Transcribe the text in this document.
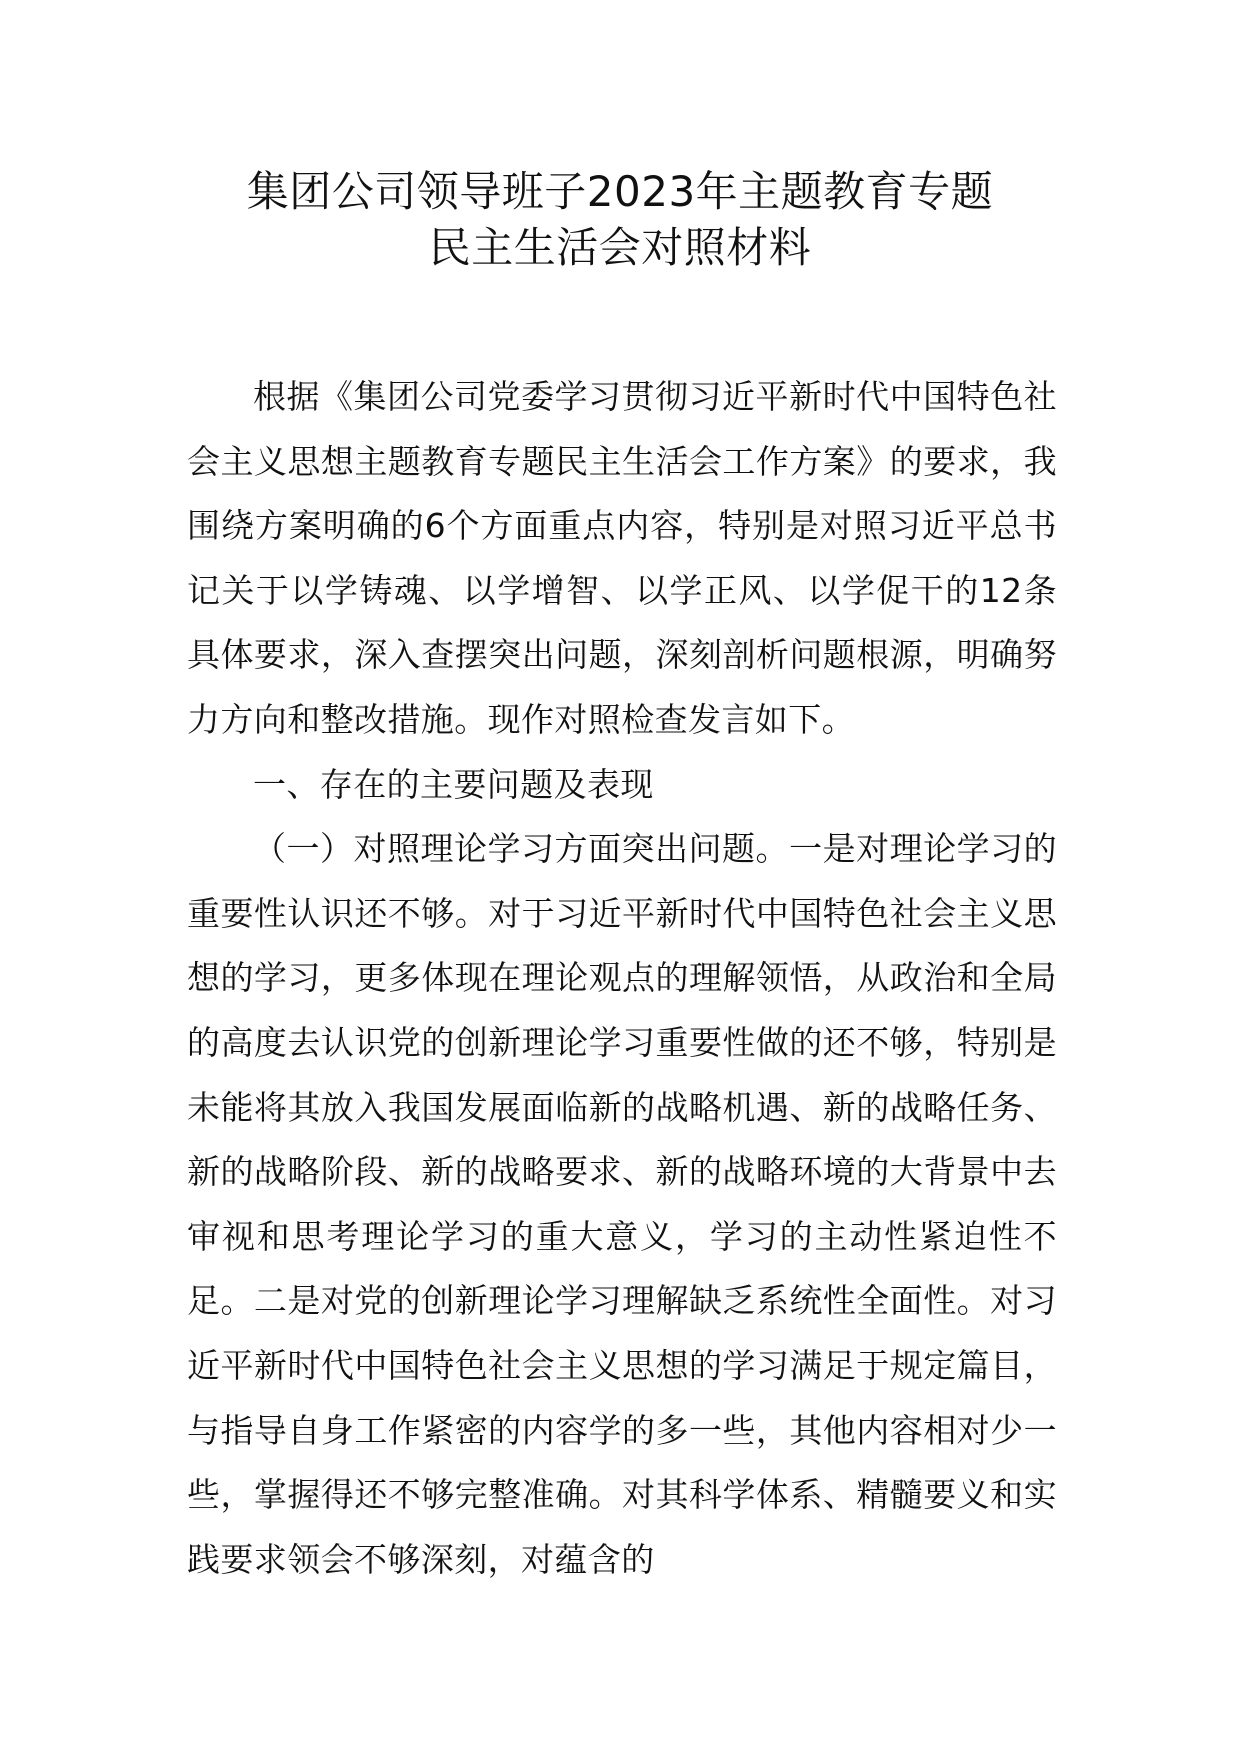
集团公司领导班子2023年主题教育专题
民主生活会对照材料

根据《集团公司党委学习贯彻习近平新时代中国特色社会主义思想主题教育专题民主生活会工作方案》的要求，我围绕方案明确的6个方面重点内容，特别是对照习近平总书记关于以学铸魂、以学增智、以学正风、以学促干的12条具体要求，深入查摆突出问题，深刻剖析问题根源，明确努力方向和整改措施。现作对照检查发言如下。

一、存在的主要问题及表现

（一）对照理论学习方面突出问题。一是对理论学习的重要性认识还不够。对于习近平新时代中国特色社会主义思想的学习，更多体现在理论观点的理解领悟，从政治和全局的高度去认识党的创新理论学习重要性做的还不够，特别是未能将其放入我国发展面临新的战略机遇、新的战略任务、新的战略阶段、新的战略要求、新的战略环境的大背景中去审视和思考理论学习的重大意义，学习的主动性紧迫性不足。二是对党的创新理论学习理解缺乏系统性全面性。对习近平新时代中国特色社会主义思想的学习满足于规定篇目，与指导自身工作紧密的内容学的多一些，其他内容相对少一些，掌握得还不够完整准确。对其科学体系、精髓要义和实践要求领会不够深刻，对蕴含的
